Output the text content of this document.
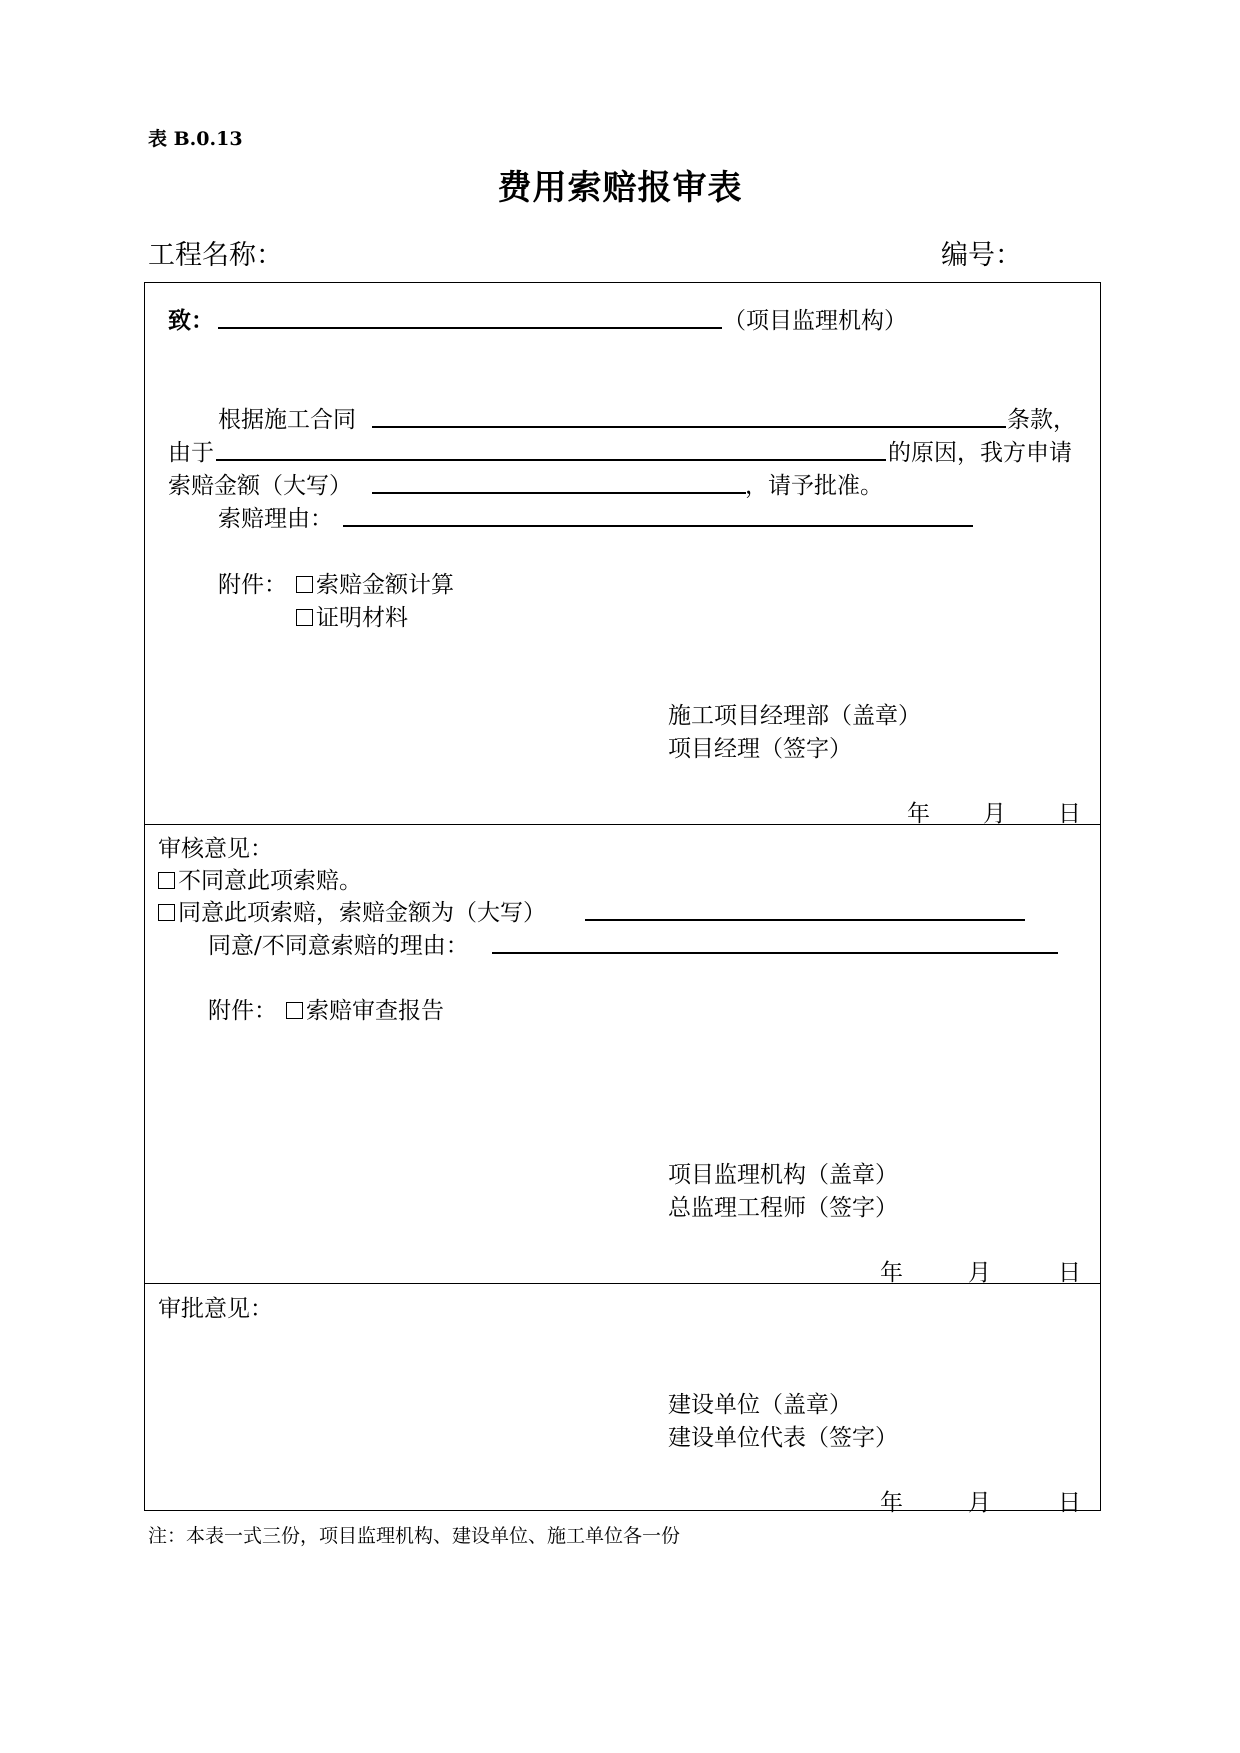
表 B.0.13
费用索赔报审表
工程名称：	编号：
致：	（项目监理机构）
根据施工合同	条款，
由于	的原因，我方申请
索赔金额（大写）	，请予批准。
索赔理由：
附件：	索赔金额计算
证明材料
施工项目经理部（盖章）
项目经理（签字）
年 月 日
审核意见：
不同意此项索赔。
同意此项索赔，索赔金额为（大写）
同意/不同意索赔的理由：
附件：	索赔审查报告
项目监理机构（盖章）
总监理工程师（签字）
年	月	日
审批意见：
建设单位（盖章）
建设单位代表（签字）
年	月	日
注：本表一式三份，项目监理机构、建设单位、施工单位各一份
